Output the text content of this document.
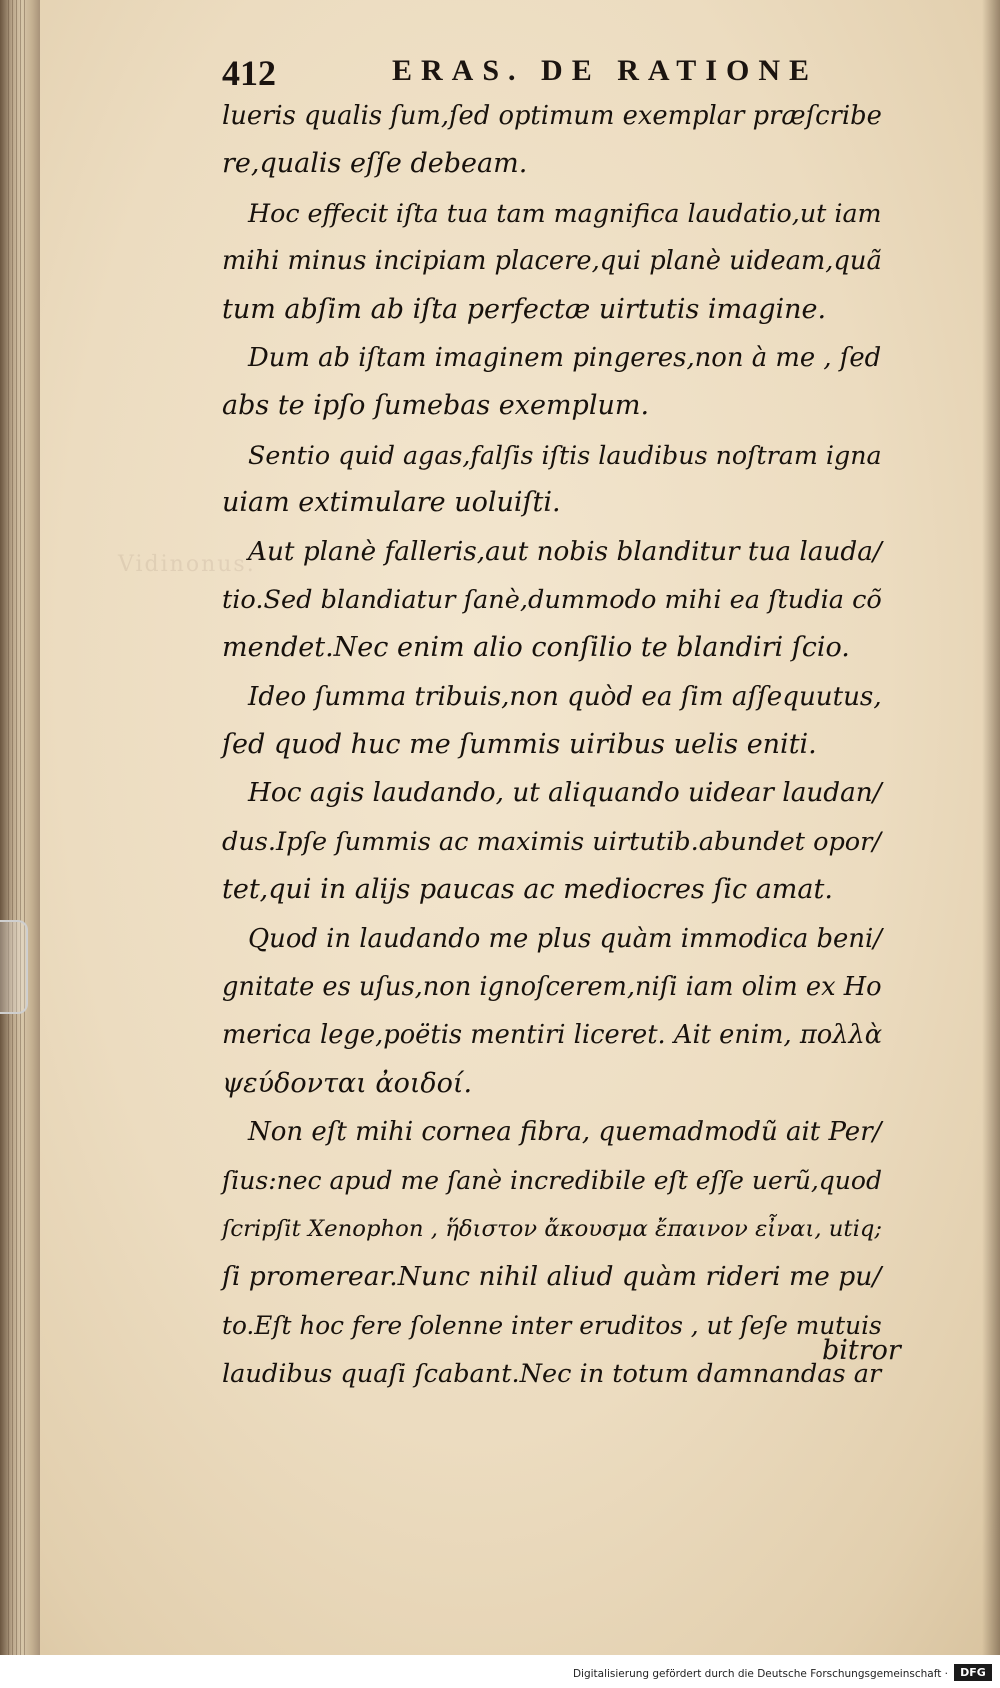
Vidinonus.
412	ERAS. DE RATIONE
lueris qualis ſum,ſed optimum exemplar præſcribe
re,qualis eſſe debeam.
Hoc effecit iſta tua tam magnifica laudatio,ut iam
mihi minus incipiam placere,qui planè uideam,quã
tum abſim ab iſta perfectæ uirtutis imagine.
Dum ab iſtam imaginem pingeres,non à me , ſed
abs te ipſo ſumebas exemplum.
Sentio quid agas,falſis iſtis laudibus noſtram igna
uiam extimulare uoluiſti.
Aut planè falleris,aut nobis blanditur tua lauda/
tio.Sed blandiatur ſanè,dummodo mihi ea ſtudia cõ
mendet.Nec enim alio conſilio te blandiri ſcio.
Ideo ſumma tribuis,non quòd ea ſim aſſequutus,
ſed quod huc me ſummis uiribus uelis eniti.
Hoc agis laudando, ut aliquando uidear laudan/
dus.Ipſe ſummis ac maximis uirtutib.abundet opor/
tet,qui in aliјs paucas ac mediocres ſic amat.
Quod in laudando me plus quàm immodica beni/
gnitate es uſus,non ignoſcerem,niſi iam olim ex Ho
merica lege,poëtis mentiri liceret. Ait enim, πολλὰ
ψεύδονται ἀοιδοί.
Non eſt mihi cornea fibra, quemadmodũ ait Per/
ſius:nec apud me ſanè incredibile eſt eſſe uerũ,quod
ſcripſit Xenophon , ἥδιστον ἄκουσμα ἔπαινον εἶναι, utiq;
ſi promerear.Nunc nihil aliud quàm rideri me pu/
to.Eſt hoc fere ſolenne inter eruditos , ut ſeſe mutuis
laudibus quaſi ſcabant.Nec in totum damnandas ar
bitror
Digitalisierung gefördert durch die Deutsche Forschungsgemeinschaft ·	DFG
